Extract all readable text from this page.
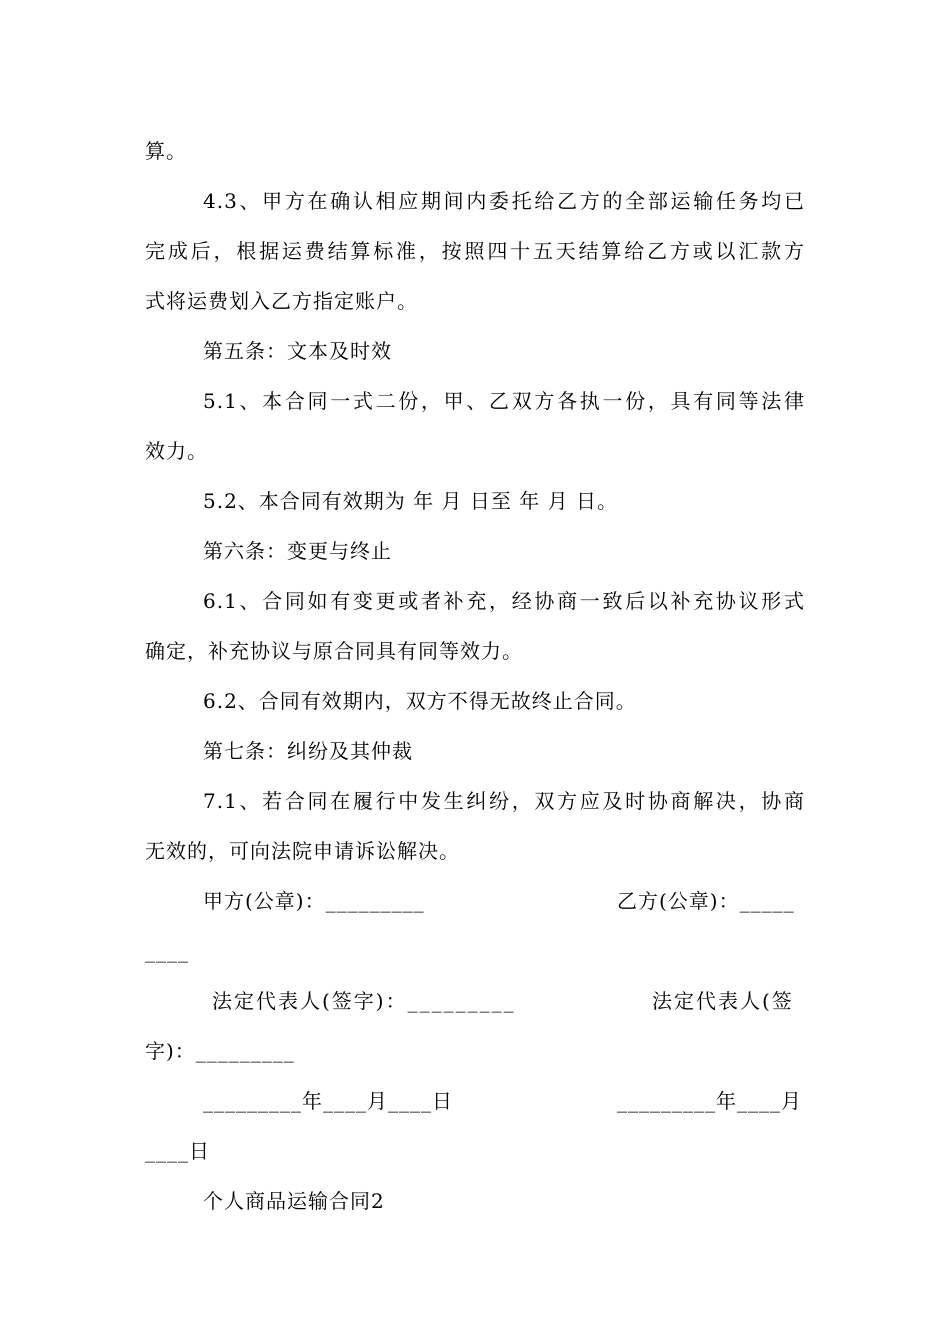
算。
4.3、甲方在确认相应期间内委托给乙方的全部运输任务均已
完成后，根据运费结算标准，按照四十五天结算给乙方或以汇款方
式将运费划入乙方指定账户。
第五条：文本及时效
5.1、本合同一式二份，甲、乙双方各执一份，具有同等法律
效力。
5.2、本合同有效期为 年 月 日至 年 月 日。
第六条：变更与终止
6.1、合同如有变更或者补充，经协商一致后以补充协议形式
确定，补充协议与原合同具有同等效力。
6.2、合同有效期内，双方不得无故终止合同。
第七条：纠纷及其仲裁
7.1、若合同在履行中发生纠纷，双方应及时协商解决，协商
无效的，可向法院申请诉讼解决。
甲方(公章)：_________	乙方(公章)：_____
____
法定代表人(签字)：_________	法定代表人(签
字)：_________
_________年____月____日	_________年____月
____日
个人商品运输合同2
